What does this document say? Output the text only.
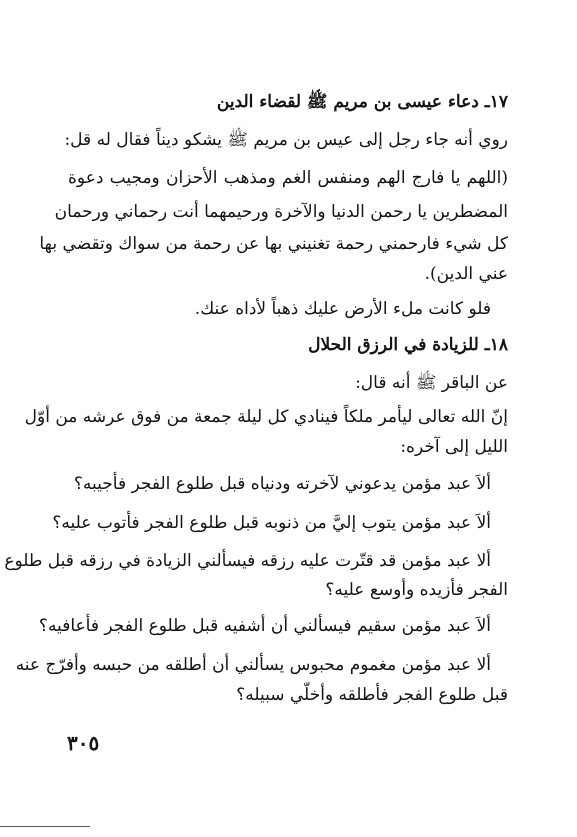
١٧ـ دعاء عيسى بن مريم ﷺ لقضاء الدين
روي أنه جاء رجل إلى عيس بن مريم ﷺ يشكو ديناً فقال له قل:
(اللهم يا فارج الهم ومنفس الغم ومذهب الأحزان ومجيب دعوة
المضطرين يا رحمن الدنيا والآخرة ورحيمهما أنت رحماني ورحمان
كل شيء فارحمني رحمة تغنيني بها عن رحمة من سواك وتقضي بها
عني الدين).
فلو كانت ملء الأرض عليك ذهباً لأداه عنك.
١٨ـ للزيادة في الرزق الحلال
عن الباقر ﷺ أنه قال:
إنّ الله تعالى ليأمر ملكاً فينادي كل ليلة جمعة من فوق عرشه من أوّل
الليل إلى آخره:
ألاَ عبد مؤمن يدعوني لآخرته ودنياه قبل طلوع الفجر فأجيبه؟
ألاَ عبد مؤمن يتوب إليَّ من ذنوبه قبل طلوع الفجر فأتوب عليه؟
ألا عبد مؤمن قد قتّرت عليه رزقه فيسألني الزيادة في رزقه قبل طلوع
الفجر فأزيده وأوسع عليه؟
ألاَ عبد مؤمن سقيم فيسألني أن أشفيه قبل طلوع الفجر فأعافيه؟
ألا عبد مؤمن مغموم محبوس يسألني أن أطلقه من حبسه وأفرّج عنه
قبل طلوع الفجر فأطلقه وأخلّي سبيله؟
٣٠٥
